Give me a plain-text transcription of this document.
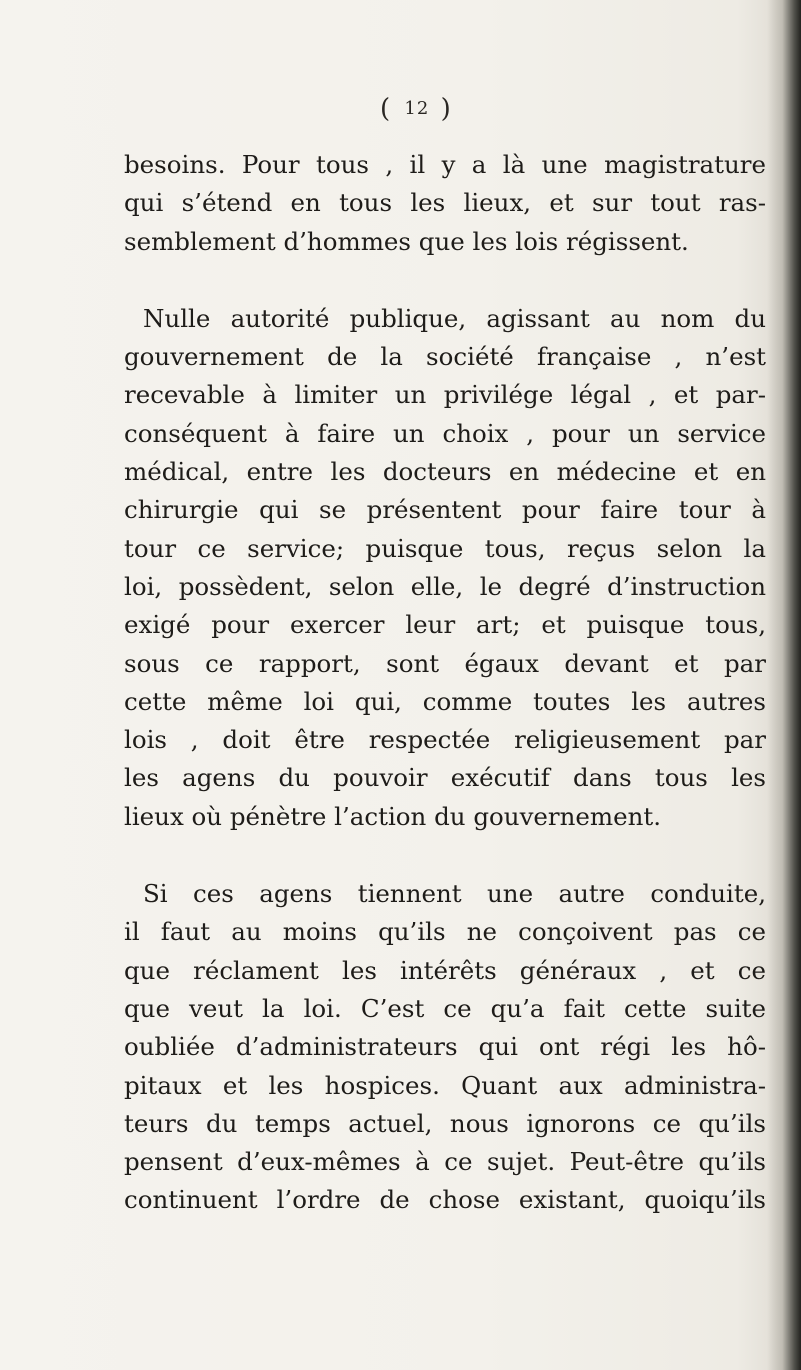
( 12 )
besoins. Pour tous , il y a là une magistrature
qui s’étend en tous les lieux, et sur tout ras-
semblement d’hommes que les lois régissent.
Nulle autorité publique, agissant au nom du
gouvernement de la société française , n’est
recevable à limiter un privilége légal , et par-
conséquent à faire un choix , pour un service
médical, entre les docteurs en médecine et en
chirurgie qui se présentent pour faire tour à
tour ce service; puisque tous, reçus selon la
loi, possèdent, selon elle, le degré d’instruction
exigé pour exercer leur art; et puisque tous,
sous ce rapport, sont égaux devant et par
cette même loi qui, comme toutes les autres
lois , doit être respectée religieusement par
les agens du pouvoir exécutif dans tous les
lieux où pénètre l’action du gouvernement.
Si ces agens tiennent une autre conduite,
il faut au moins qu’ils ne conçoivent pas ce
que réclament les intérêts généraux , et ce
que veut la loi. C’est ce qu’a fait cette suite
oubliée d’administrateurs qui ont régi les hô-
pitaux et les hospices. Quant aux administra-
teurs du temps actuel, nous ignorons ce qu’ils
pensent d’eux-mêmes à ce sujet. Peut-être qu’ils
continuent l’ordre de chose existant, quoiqu’ils
